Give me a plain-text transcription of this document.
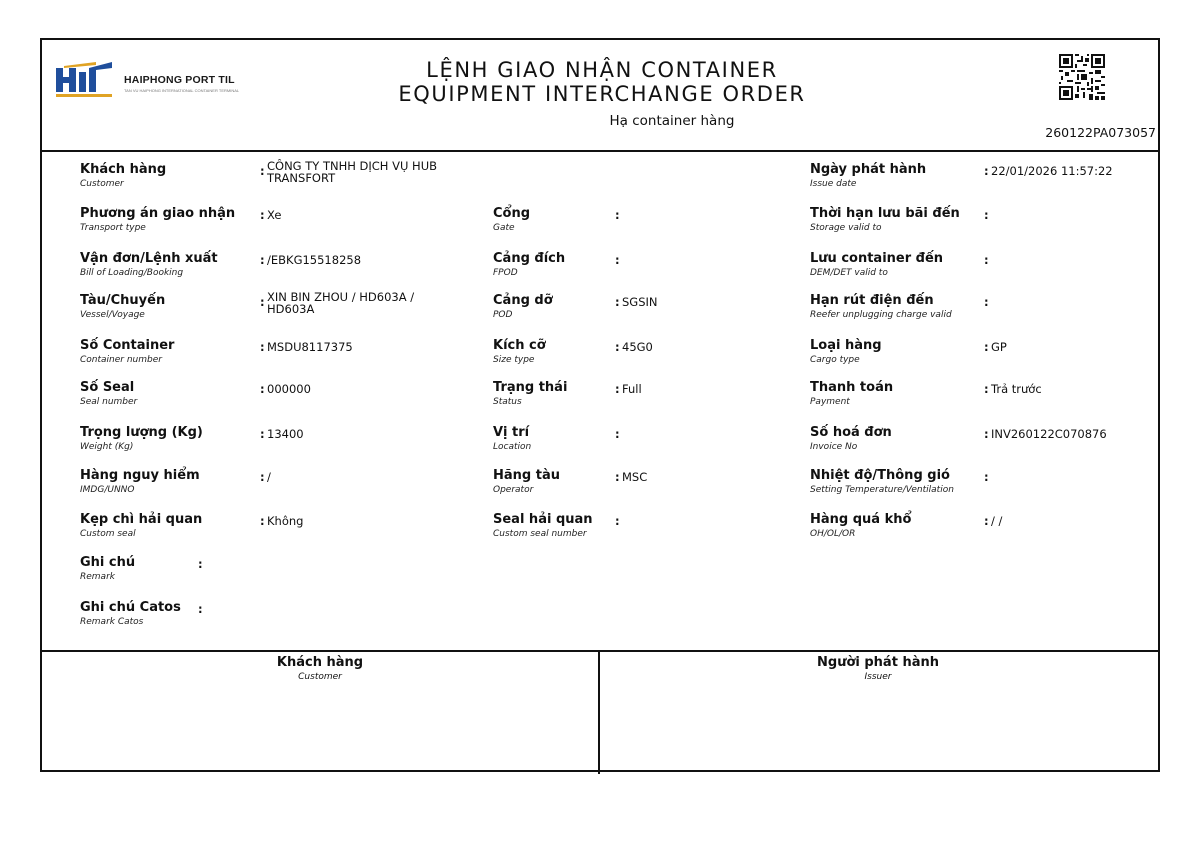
HAIPHONG PORT TIL
TAN VU HAIPHONG INTERNATIONAL CONTAINER TERMINAL
LỆNH GIAO NHẬN CONTAINER
EQUIPMENT INTERCHANGE ORDER
Hạ container hàng
260122PA073057
Khách hàng
Customer
Người phát hành
Issuer
Khách hàng
Customer
: CÔNG TY TNHH DỊCH VỤ HUB TRANSFORT
Phương án giao nhận
Transport type
: Xe
Vận đơn/Lệnh xuất
Bill of Loading/Booking
: /EBKG15518258
Tàu/Chuyến
Vessel/Voyage
: XIN BIN ZHOU / HD603A / HD603A
Số Container
Container number
: MSDU8117375
Số Seal
Seal number
: 000000
Trọng lượng (Kg)
Weight (Kg)
: 13400
Hàng nguy hiểm
IMDG/UNNO
: /
Kẹp chì hải quan
Custom seal
: Không
Ghi chú
Remark
:
Ghi chú Catos
Remark Catos
:
Cổng
Gate
:
Cảng đích
FPOD
:
Cảng dỡ
POD
: SGSIN
Kích cỡ
Size type
: 45G0
Trạng thái
Status
: Full
Vị trí
Location
:
Hãng tàu
Operator
: MSC
Seal hải quan
Custom seal number
:
Ngày phát hành
Issue date
: 22/01/2026 11:57:22
Thời hạn lưu bãi đến
Storage valid to
:
Lưu container đến
DEM/DET valid to
:
Hạn rút điện đến
Reefer unplugging charge valid
:
Loại hàng
Cargo type
: GP
Thanh toán
Payment
: Trả trước
Số hoá đơn
Invoice No
: INV260122C070876
Nhiệt độ/Thông gió
Setting Temperature/Ventilation
:
Hàng quá khổ
OH/OL/OR
: / /
